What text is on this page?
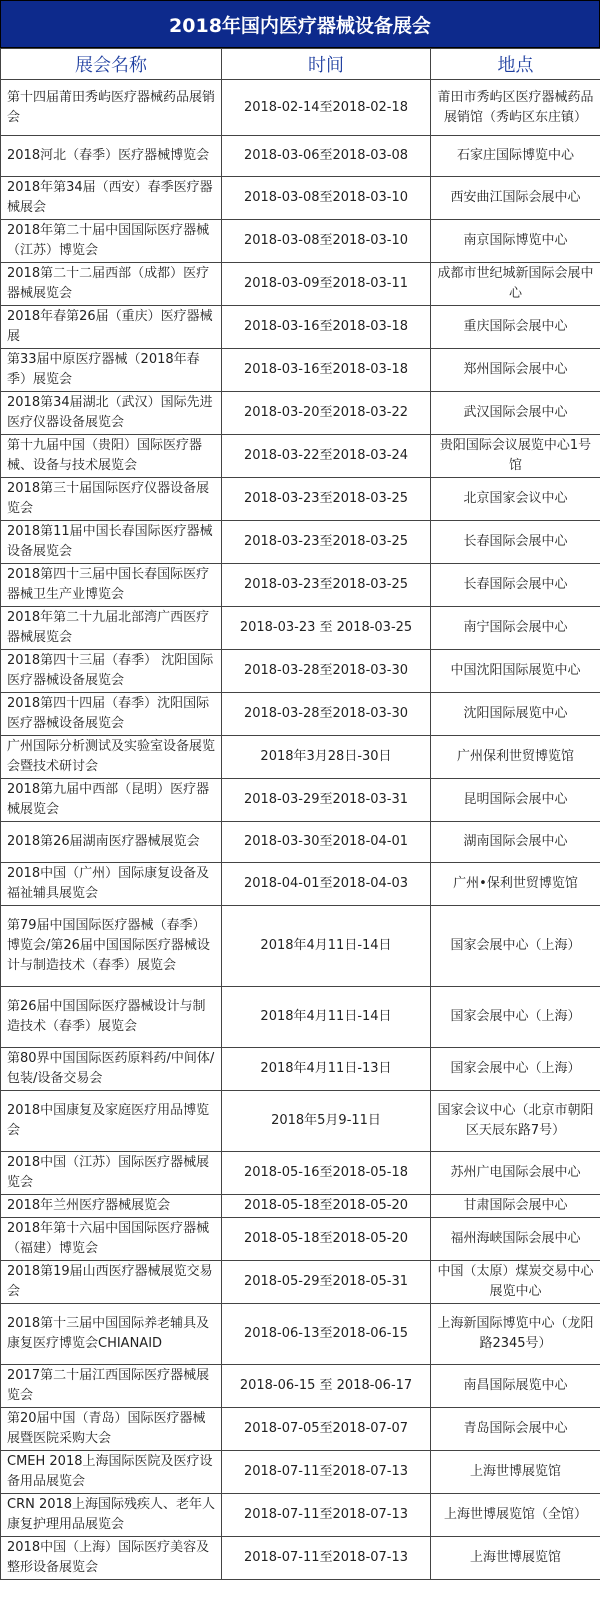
2018年国内医疗器械设备展会
展会名称	时间	地点
第十四届莆田秀屿医疗器械药品展销会	2018-02-14至2018-02-18	莆田市秀屿区医疗器械药品展销馆（秀屿区东庄镇）
2018河北（春季）医疗器械博览会	2018-03-06至2018-03-08	石家庄国际博览中心
2018年第34届（西安）春季医疗器械展会	2018-03-08至2018-03-10	西安曲江国际会展中心
2018年第二十届中国国际医疗器械（江苏）博览会	2018-03-08至2018-03-10	南京国际博览中心
2018第二十二届西部（成都）医疗器械展览会	2018-03-09至2018-03-11	成都市世纪城新国际会展中心
2018年春第26届（重庆）医疗器械展	2018-03-16至2018-03-18	重庆国际会展中心
第33届中原医疗器械（2018年春季）展览会	2018-03-16至2018-03-18	郑州国际会展中心
2018第34届湖北（武汉）国际先进医疗仪器设备展览会	2018-03-20至2018-03-22	武汉国际会展中心
第十九届中国（贵阳）国际医疗器械、设备与技术展览会	2018-03-22至2018-03-24	贵阳国际会议展览中心1号馆
2018第三十届国际医疗仪器设备展览会	2018-03-23至2018-03-25	北京国家会议中心
2018第11届中国长春国际医疗器械设备展览会	2018-03-23至2018-03-25	长春国际会展中心
2018第四十三届中国长春国际医疗器械卫生产业博览会	2018-03-23至2018-03-25	长春国际会展中心
2018年第二十九届北部湾广西医疗器械展览会	2018-03-23 至 2018-03-25	南宁国际会展中心
2018第四十三届（春季） 沈阳国际医疗器械设备展览会	2018-03-28至2018-03-30	中国沈阳国际展览中心
2018第四十四届（春季）沈阳国际医疗器械设备展览会	2018-03-28至2018-03-30	沈阳国际展览中心
广州国际分析测试及实验室设备展览会暨技术研讨会	2018年3月28日-30日	广州保利世贸博览馆
2018第九届中西部（昆明）医疗器械展览会	2018-03-29至2018-03-31	昆明国际会展中心
2018第26届湖南医疗器械展览会	2018-03-30至2018-04-01	湖南国际会展中心
2018中国（广州）国际康复设备及福祉辅具展览会	2018-04-01至2018-04-03	广州•保利世贸博览馆
第79届中国国际医疗器械（春季）博览会/第26届中国国际医疗器械设计与制造技术（春季）展览会	2018年4月11日-14日	国家会展中心（上海）
第26届中国国际医疗器械设计与制造技术（春季）展览会	2018年4月11日-14日	国家会展中心（上海）
第80界中国国际医药原料药/中间体/包装/设备交易会	2018年4月11日-13日	国家会展中心（上海）
2018中国康复及家庭医疗用品博览会	2018年5月9-11日	国家会议中心（北京市朝阳区天辰东路7号）
2018中国（江苏）国际医疗器械展览会	2018-05-16至2018-05-18	苏州广电国际会展中心
2018年兰州医疗器械展览会	2018-05-18至2018-05-20	甘肃国际会展中心
2018年第十六届中国国际医疗器械（福建）博览会	2018-05-18至2018-05-20	福州海峡国际会展中心
2018第19届山西医疗器械展览交易会	2018-05-29至2018-05-31	中国（太原）煤炭交易中心展览中心
2018第十三届中国国际养老辅具及康复医疗博览会CHIANAID	2018-06-13至2018-06-15	上海新国际博览中心（龙阳路2345号）
2017第二十届江西国际医疗器械展览会	2018-06-15 至 2018-06-17	南昌国际展览中心
第20届中国（青岛）国际医疗器械展暨医院采购大会	2018-07-05至2018-07-07	青岛国际会展中心
CMEH 2018上海国际医院及医疗设备用品展览会	2018-07-11至2018-07-13	上海世博展览馆
CRN 2018上海国际残疾人、老年人康复护理用品展览会	2018-07-11至2018-07-13	上海世博展览馆（全馆）
2018中国（上海）国际医疗美容及整形设备展览会	2018-07-11至2018-07-13	上海世博展览馆
